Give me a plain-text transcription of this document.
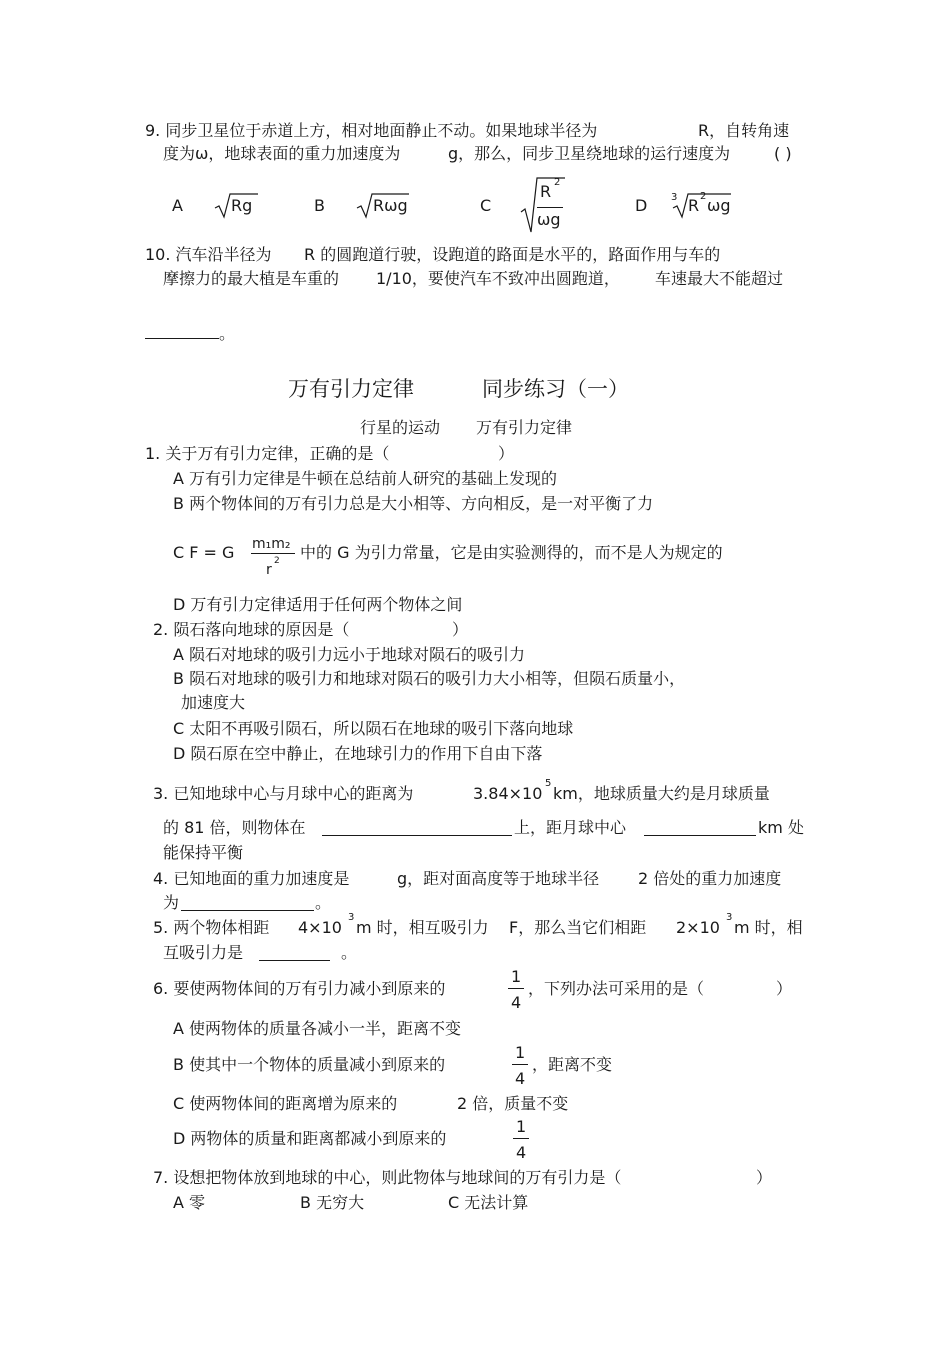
9. 同步卫星位于赤道上方，相对地面静止不动。如果地球半径为	R，自转角速
度为ω，地球表面的重力加速度为	g，那么，同步卫星绕地球的运行速度为	( )
A	Rg	B	Rωg	C
R 2
ωg
D 3 R 2 ωg
10. 汽车沿半径为 R 的圆跑道行驶，设跑道的路面是水平的，路面作用与车的
摩擦力的最大植是车重的 1/10，要使汽车不致冲出圆跑道， 车速最大不能超过
。
万有引力定律	同步练习（一）
行星的运动 万有引力定律
1. 关于万有引力定律，正确的是（	）
A 万有引力定律是牛顿在总结前人研究的基础上发现的
B 两个物体间的万有引力总是大小相等、方向相反，是一对平衡了力
C F = G m₁m₂
r
2 中的 G 为引力常量，它是由实验测得的，而不是人为规定的
D 万有引力定律适用于任何两个物体之间
2. 陨石落向地球的原因是（	）
A 陨石对地球的吸引力远小于地球对陨石的吸引力
B 陨石对地球的吸引力和地球对陨石的吸引力大小相等，但陨石质量小，
加速度大
C 太阳不再吸引陨石，所以陨石在地球的吸引下落向地球
D 陨石原在空中静止，在地球引力的作用下自由下落
3. 已知地球中心与月球中心的距离为	3.84×10
5
km，地球质量大约是月球质量
的 81 倍，则物体在	上，距月球中心	km 处
能保持平衡
4. 已知地面的重力加速度是	g，距对面高度等于地球半径 2 倍处的重力加速度
为	。
5. 两个物体相距 4×10
3
m 时，相互吸引力 F，那么当它们相距 2×10
3
m 时，相
互吸引力是	。
6. 要使两物体间的万有引力减小到原来的
1
4
，下列办法可采用的是（	）
A 使两物体的质量各减小一半，距离不变
B 使其中一个物体的质量减小到原来的
1
4
，距离不变
C 使两物体间的距离增为原来的	2 倍，质量不变
D 两物体的质量和距离都减小到原来的
1
4
7. 设想把物体放到地球的中心，则此物体与地球间的万有引力是（	）
A 零	B 无穷大	C 无法计算
